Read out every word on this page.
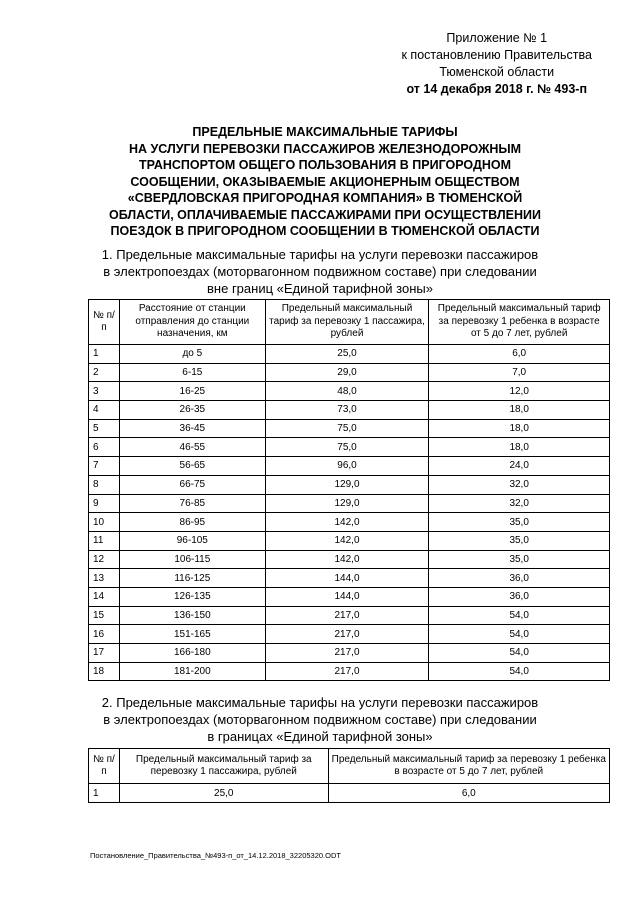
Приложение № 1
к постановлению Правительства
Тюменской области
от 14 декабря 2018 г. № 493-п
ПРЕДЕЛЬНЫЕ МАКСИМАЛЬНЫЕ ТАРИФЫ
НА УСЛУГИ ПЕРЕВОЗКИ ПАССАЖИРОВ ЖЕЛЕЗНОДОРОЖНЫМ
ТРАНСПОРТОМ ОБЩЕГО ПОЛЬЗОВАНИЯ В ПРИГОРОДНОМ
СООБЩЕНИИ, ОКАЗЫВАЕМЫЕ АКЦИОНЕРНЫМ ОБЩЕСТВОМ
«СВЕРДЛОВСКАЯ ПРИГОРОДНАЯ КОМПАНИЯ» В ТЮМЕНСКОЙ
ОБЛАСТИ, ОПЛАЧИВАЕМЫЕ ПАССАЖИРАМИ ПРИ ОСУЩЕСТВЛЕНИИ
ПОЕЗДОК В ПРИГОРОДНОМ СООБЩЕНИИ В ТЮМЕНСКОЙ ОБЛАСТИ
1. Предельные максимальные тарифы на услуги перевозки пассажиров
в электропоездах (моторвагонном подвижном составе) при следовании
вне границ «Единой тарифной зоны»
№ п/п	Расстояние от станции отправления до станции назначения, км	Предельный максимальный тариф за перевозку 1 пассажира, рублей	Предельный максимальный тариф за перевозку 1 ребенка в возрасте от 5 до 7 лет, рублей
1	до 5	25,0	6,0
2	6-15	29,0	7,0
3	16-25	48,0	12,0
4	26-35	73,0	18,0
5	36-45	75,0	18,0
6	46-55	75,0	18,0
7	56-65	96,0	24,0
8	66-75	129,0	32,0
9	76-85	129,0	32,0
10	86-95	142,0	35,0
11	96-105	142,0	35,0
12	106-115	142,0	35,0
13	116-125	144,0	36,0
14	126-135	144,0	36,0
15	136-150	217,0	54,0
16	151-165	217,0	54,0
17	166-180	217,0	54,0
18	181-200	217,0	54,0
2. Предельные максимальные тарифы на услуги перевозки пассажиров
в электропоездах (моторвагонном подвижном составе) при следовании
в границах «Единой тарифной зоны»
№ п/п	Предельный максимальный тариф за перевозку 1 пассажира, рублей	Предельный максимальный тариф за перевозку 1 ребенка в возрасте от 5 до 7 лет, рублей
1	25,0	6,0
Постановление_Правительства_№493-п_от_14.12.2018_32205320.ODT
